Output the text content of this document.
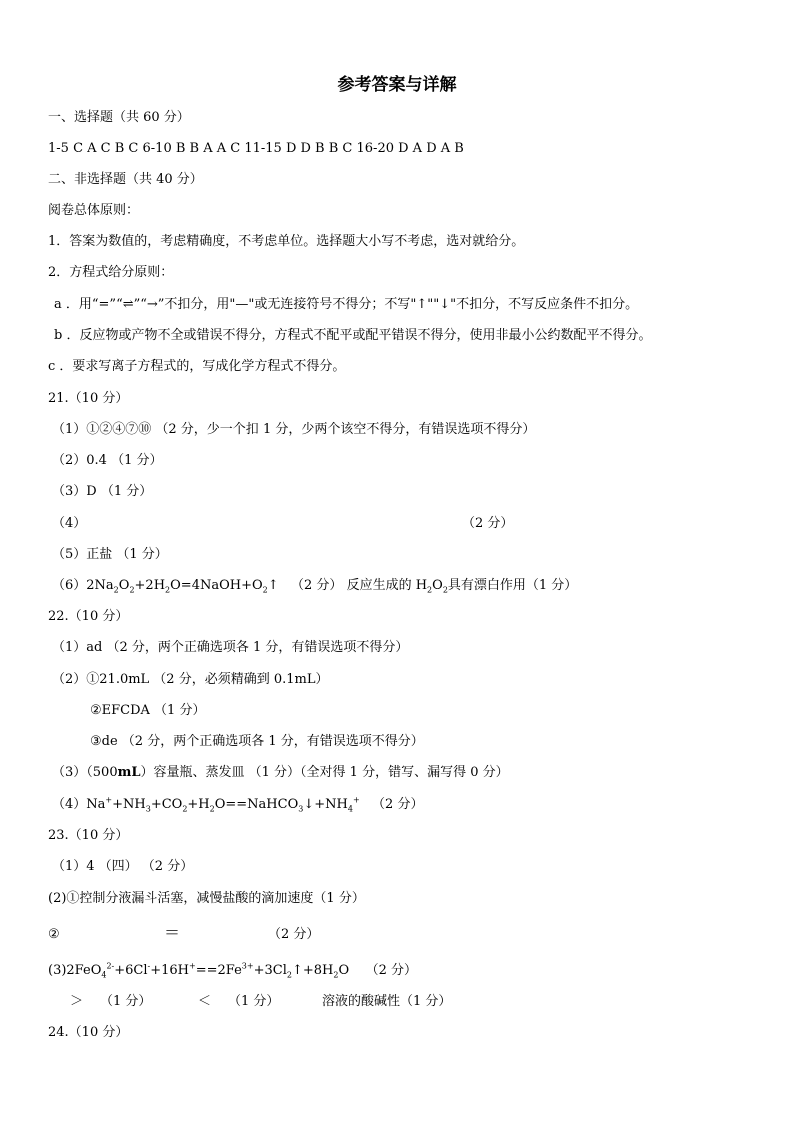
参考答案与详解
一、选择题（共 60 分）
1-5 C A C B C 6-10 B B A A C 11-15 D D B B C 16-20 D A D A B
二、非选择题（共 40 分）
阅卷总体原则：
1．答案为数值的，考虑精确度，不考虑单位。选择题大小写不考虑，选对就给分。
2．方程式给分原则：
a ．用“=”“⇌”“→”不扣分，用"—"或无连接符号不得分；不写"↑""↓"不扣分，不写反应条件不扣分。
b ．反应物或产物不全或错误不得分，方程式不配平或配平错误不得分，使用非最小公约数配平不得分。
c ．要求写离子方程式的，写成化学方程式不得分。
21.（10 分）
（1）①②④⑦⑩ （2 分，少一个扣 1 分，少两个该空不得分，有错误选项不得分）
（2）0.4 （1 分）
（3）D （1 分）
（4）	（2 分）
（5）正盐 （1 分）
$(6)2Na_2O_2+2H_2O=4NaOH+O_2↑$   （2 分） 反应生成的 $H_2O_2$具有漂白作用（1 分）
22.（10 分）
（1）ad （2 分，两个正确选项各 1 分，有错误选项不得分）
（2）①21.0mL （2 分，必须精确到 0.1mL）
②EFCDA （1 分）
③de （2 分，两个正确选项各 1 分，有错误选项不得分）
（3）（500mL）容量瓶、蒸发皿 （1 分）（全对得 1 分，错写、漏写得 0 分）
$(4)Na^++NH_3+CO_2+H_2O==NaHCO_3↓+NH_4^+$ （2 分）
23.（10 分）
（1）4 （四） （2 分）
(2)①控制分液漏斗活塞，减慢盐酸的滴加速度（1 分）
②	＝	（2 分）
$(3)2FeO_4^{2-}+6Cl^-+16H^+==2Fe^{3+}+3Cl_2↑+8H_2O$    （2 分）
＞ （1 分）	＜ （1 分）	溶液的酸碱性（1 分）
24.（10 分）
